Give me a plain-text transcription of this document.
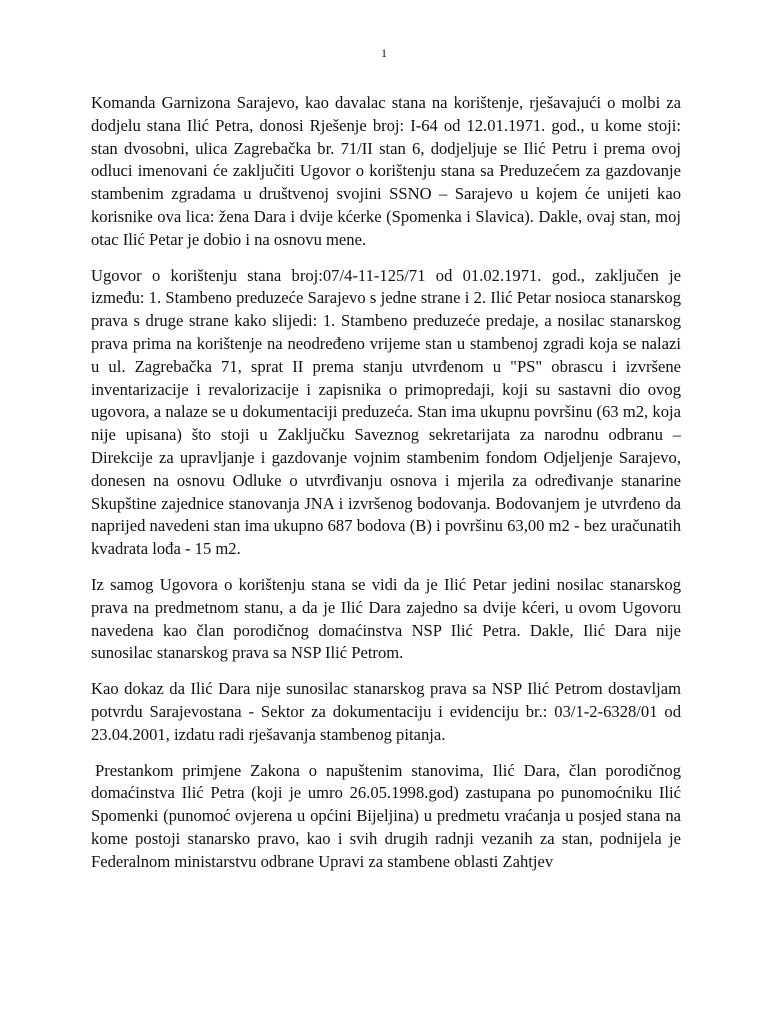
1

Komanda Garnizona Sarajevo, kao davalac stana na korištenje, rješavajući o molbi za dodjelu stana Ilić Petra, donosi Rješenje broj: I-64 od 12.01.1971. god., u kome stoji: stan dvosobni, ulica Zagrebačka br. 71/II stan 6, dodjeljuje se Ilić Petru i prema ovoj odluci imenovani će zaključiti Ugovor o korištenju stana sa Preduzećem za gazdovanje stambenim zgradama u društvenoj svojini SSNO – Sarajevo u kojem će unijeti kao korisnike ova lica: žena Dara i dvije kćerke (Spomenka i Slavica). Dakle, ovaj stan, moj otac Ilić Petar je dobio i na osnovu mene.

Ugovor o korištenju stana broj:07/4-11-125/71 od 01.02.1971. god., zaključen je između: 1. Stambeno preduzeće Sarajevo s jedne strane i 2. Ilić Petar nosioca stanarskog prava s druge strane kako slijedi: 1. Stambeno preduzeće predaje, a nosilac stanarskog prava prima na korištenje na neodređeno vrijeme stan u stambenoj zgradi koja se nalazi u ul. Zagrebačka 71, sprat II prema stanju utvrđenom u "PS" obrascu i izvršene inventarizacije i revalorizacije i zapisnika o primopredaji, koji su sastavni dio ovog ugovora, a nalaze se u dokumentaciji preduzeća. Stan ima ukupnu površinu (63 m2, koja nije upisana) što stoji u Zaključku Saveznog sekretarijata za narodnu odbranu – Direkcije za upravljanje i gazdovanje vojnim stambenim fondom Odjeljenje Sarajevo, donesen na osnovu Odluke o utvrđivanju osnova i mjerila za određivanje stanarine Skupštine zajednice stanovanja JNA i izvršenog bodovanja. Bodovanjem je utvrđeno da naprijed navedeni stan ima ukupno 687 bodova (B) i površinu 63,00 m2 - bez uračunatih kvadrata lođa - 15 m2.

Iz samog Ugovora o korištenju stana se vidi da je Ilić Petar jedini nosilac stanarskog prava na predmetnom stanu, a da je Ilić Dara zajedno sa dvije kćeri, u ovom Ugovoru navedena kao član porodičnog domaćinstva NSP Ilić Petra. Dakle, Ilić Dara nije sunosilac stanarskog prava sa NSP Ilić Petrom.

Kao dokaz da Ilić Dara nije sunosilac stanarskog prava sa NSP Ilić Petrom dostavljam potvrdu Sarajevostana - Sektor za dokumentaciju i evidenciju br.: 03/1-2-6328/01 od 23.04.2001, izdatu radi rješavanja stambenog pitanja.

Prestankom primjene Zakona o napuštenim stanovima, Ilić Dara, član porodičnog domaćinstva Ilić Petra (koji je umro 26.05.1998.god) zastupana po punomoćniku Ilić Spomenki (punomoć ovjerena u općini Bijeljina) u predmetu vraćanja u posjed stana na kome postoji stanarsko pravo, kao i svih drugih radnji vezanih za stan, podnijela je Federalnom ministarstvu odbrane Upravi za stambene oblasti Zahtjev
